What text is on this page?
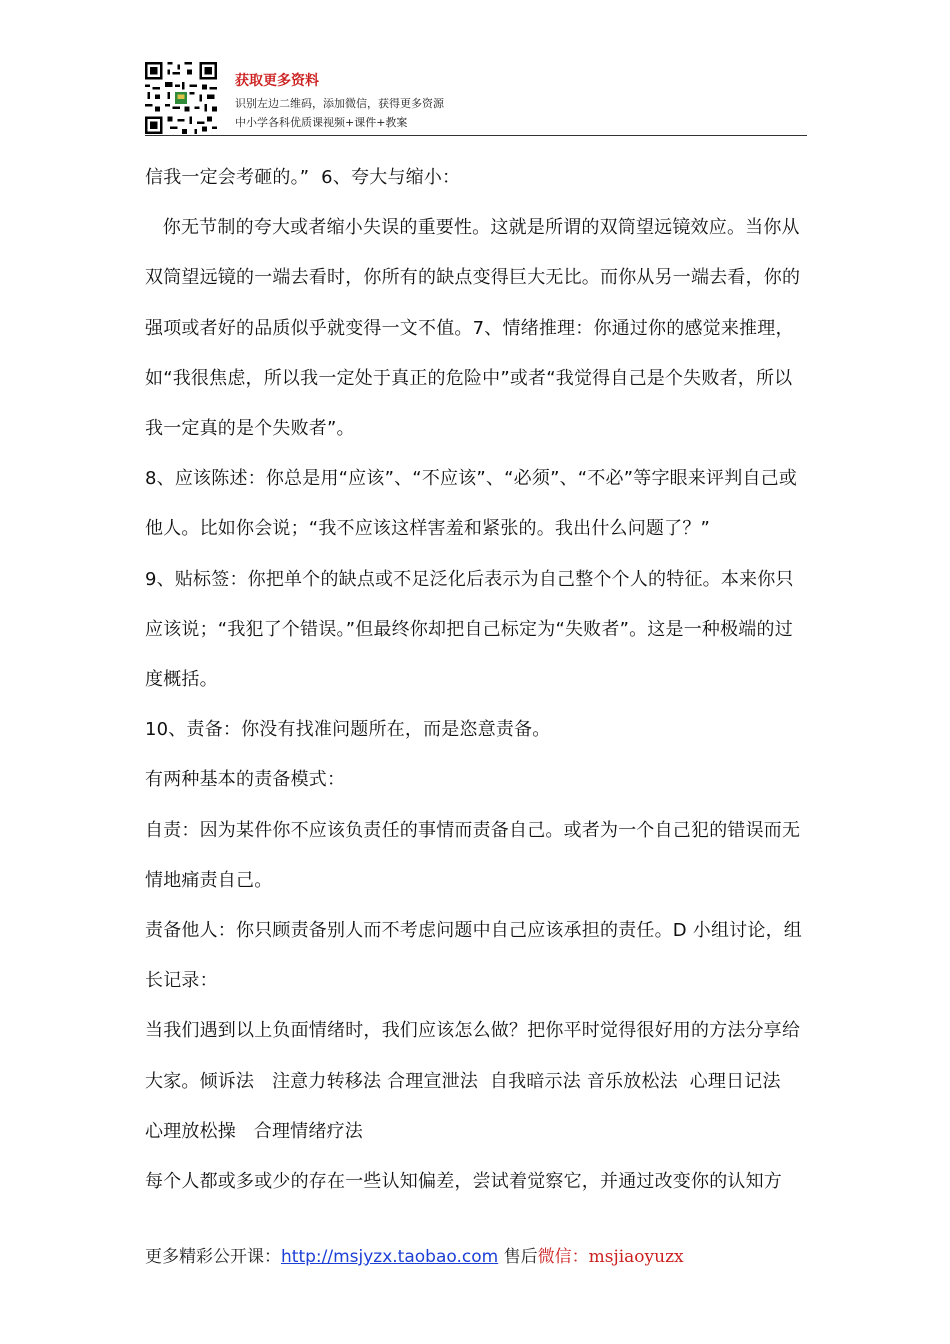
获取更多资料
识别左边二维码，添加微信，获得更多资源
中小学各科优质课视频+课件+教案

信我一定会考砸的。”  6、夸大与缩小：

你无节制的夸大或者缩小失误的重要性。这就是所谓的双筒望远镜效应。当你从双筒望远镜的一端去看时，你所有的缺点变得巨大无比。而你从另一端去看，你的强项或者好的品质似乎就变得一文不值。7、情绪推理：你通过你的感觉来推理，如“我很焦虑，所以我一定处于真正的危险中”或者“我觉得自己是个失败者，所以我一定真的是个失败者”。

8、应该陈述：你总是用“应该”、“不应该”、“必须”、“不必”等字眼来评判自己或他人。比如你会说；“我不应该这样害羞和紧张的。我出什么问题了？”

9、贴标签：你把单个的缺点或不足泛化后表示为自己整个个人的特征。本来你只应该说；“我犯了个错误。”但最终你却把自己标定为“失败者”。这是一种极端的过度概括。

10、责备：你没有找准问题所在，而是恣意责备。

有两种基本的责备模式：

自责：因为某件你不应该负责任的事情而责备自己。或者为一个自己犯的错误而无情地痛责自己。

责备他人：你只顾责备别人而不考虑问题中自己应该承担的责任。D 小组讨论，组长记录：

当我们遇到以上负面情绪时，我们应该怎么做？把你平时觉得很好用的方法分享给大家。倾诉法   注意力转移法 合理宣泄法  自我暗示法 音乐放松法  心理日记法  心理放松操   合理情绪疗法

每个人都或多或少的存在一些认知偏差，尝试着觉察它，并通过改变你的认知方

更多精彩公开课：http://msjyzx.taobao.com 售后微信：msjiaoyuzx
